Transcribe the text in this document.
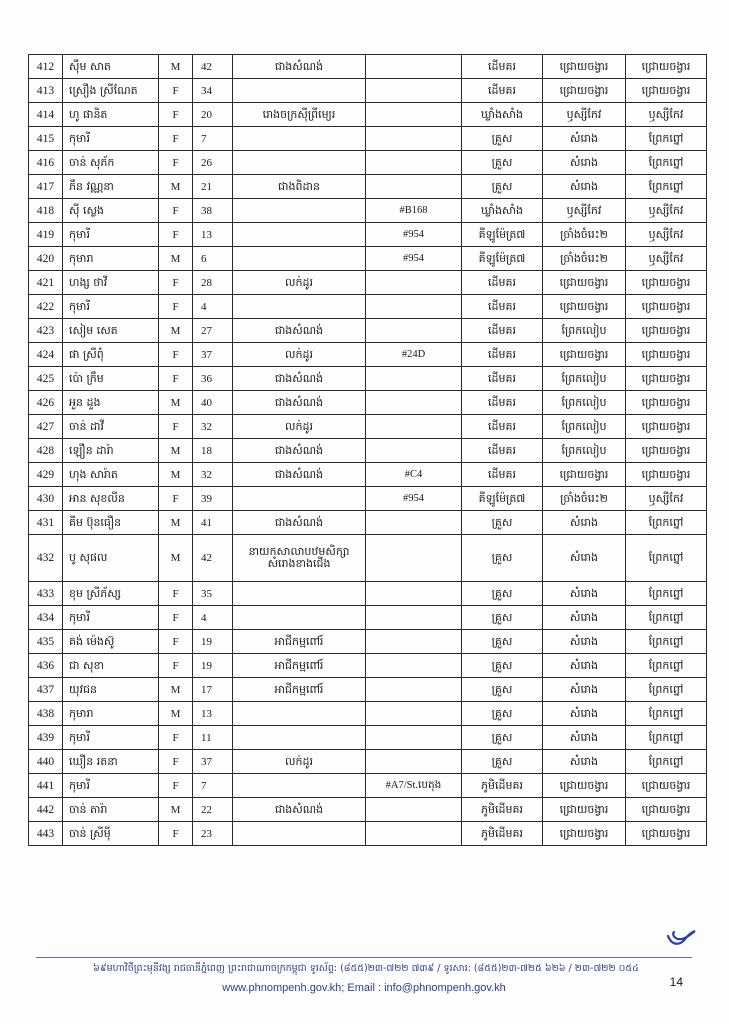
412	ស៊ឹម សាត	M	42	ជាងសំណង់		ដើមគរ	ជ្រោយចង្វារ	ជ្រោយចង្វារ
413	ស្រឿង ស្រីណែត	F	34			ដើមគរ	ជ្រោយចង្វារ	ជ្រោយចង្វារ
414	ហូ ផានិត	F	20	រោងចក្រស៊ីព្រីម្យេរ		ឃ្លាំងសាំង	ឫស្សីកែវ	ឫស្សីកែវ
415	កុមារី	F	7			គ្រួស	សំរោង	ព្រែកព្នៅ
416	ចាន់ សុភ័ក	F	26			គ្រួស	សំរោង	ព្រែកព្នៅ
417	ភឹន វណ្ណនា	M	21	ជាងពិដាន		គ្រួស	សំរោង	ព្រែកព្នៅ
418	ស៊ី ស្លេង	F	38		#B168	ឃ្លាំងសាំង	ឫស្សីកែវ	ឫស្សីកែវ
419	កុមារី	F	13		#954	គីឡូម៉ែត្រ៧	ច្រាំងចំរេះ២	ឫស្សីកែវ
420	កុមារា	M	6		#954	គីឡូម៉ែត្រ៧	ច្រាំងចំរេះ២	ឫស្សីកែវ
421	ហង្ស ថាវី	F	28	លក់ដូរ		ដើមគរ	ជ្រោយចង្វារ	ជ្រោយចង្វារ
422	កុមារី	F	4			ដើមគរ	ជ្រោយចង្វារ	ជ្រោយចង្វារ
423	សៀម សេត	M	27	ជាងសំណង់		ដើមគរ	ព្រែកលៀប	ជ្រោយចង្វារ
424	ផា ស្រីពុំ	F	37	លក់ដូរ	#24D	ដើមគរ	ជ្រោយចង្វារ	ជ្រោយចង្វារ
425	ប៉ោ ក្រឹម	F	36	ជាងសំណង់		ដើមគរ	ព្រែកលៀប	ជ្រោយចង្វារ
426	អួន ដួង	M	40	ជាងសំណង់		ដើមគរ	ព្រែកលៀប	ជ្រោយចង្វារ
427	ចាន់ ដាវី	F	32	លក់ដូរ		ដើមគរ	ព្រែកលៀប	ជ្រោយចង្វារ
428	ឡឿន ដារ៉ា	M	18	ជាងសំណង់		ដើមគរ	ព្រែកលៀប	ជ្រោយចង្វារ
429	ហុង សារ៉ាត	M	32	ជាងសំណង់	#C4	ដើមគរ	ជ្រោយចង្វារ	ជ្រោយចង្វារ
430	អាន សុខលីន	F	39		#954	គីឡូម៉ែត្រ៧	ច្រាំងចំរេះ២	ឫស្សីកែវ
431	គីម ប៊ុនធឿន	M	41	ជាងសំណង់		គ្រួស	សំរោង	ព្រែកព្នៅ
432	បូ សុផល	M	42	នាយកសាលាបឋមសិក្សាសំរោងខាងជើង		គ្រួស	សំរោង	ព្រែកព្នៅ
433	ខុម ស្រីភ័ស្ស	F	35			គ្រួស	សំរោង	ព្រែកព្នៅ
434	កុមារី	F	4			គ្រួស	សំរោង	ព្រែកព្នៅ
435	គង់ ម៉េងស៊ូ	F	19	អាជីកម្មពៅរ៍		គ្រួស	សំរោង	ព្រែកព្នៅ
436	ជា សុខា	F	19	អាជីកម្មពៅរ៍		គ្រួស	សំរោង	ព្រែកព្នៅ
437	យុវជន	M	17	អាជីកម្មពៅរ៍		គ្រួស	សំរោង	ព្រែកព្នៅ
438	កុមារា	M	13			គ្រួស	សំរោង	ព្រែកព្នៅ
439	កុមារី	F	11			គ្រួស	សំរោង	ព្រែកព្នៅ
440	ឃឿន រតនា	F	37	លក់ដូរ		គ្រួស	សំរោង	ព្រែកព្នៅ
441	កុមារី	F	7		#A7/St.បេតុង	ភូមិដើមគរ	ជ្រោយចង្វារ	ជ្រោយចង្វារ
442	ចាន់ តារ៉ា	M	22	ជាងសំណង់		ភូមិដើមគរ	ជ្រោយចង្វារ	ជ្រោយចង្វារ
443	ចាន់ ស្រីម៉ី	F	23			ភូមិដើមគរ	ជ្រោយចង្វារ	ជ្រោយចង្វារ
៦៩មហាវិថីព្រះមុនីវង្ស រាជធានីភ្នំពេញ ព្រះរាជាណាចក្រកម្ពុជា ទូរស័ព្ទ: (៨៥៥)២៣-៧២២ ៧៣៩ / ទូរសារ: (៨៥៥)២៣-៧២៥ ៦២៦ / ២៣-៧២២ ០៥៤
www.phnompenh.gov.kh; Email : info@phnompenh.gov.kh	14
